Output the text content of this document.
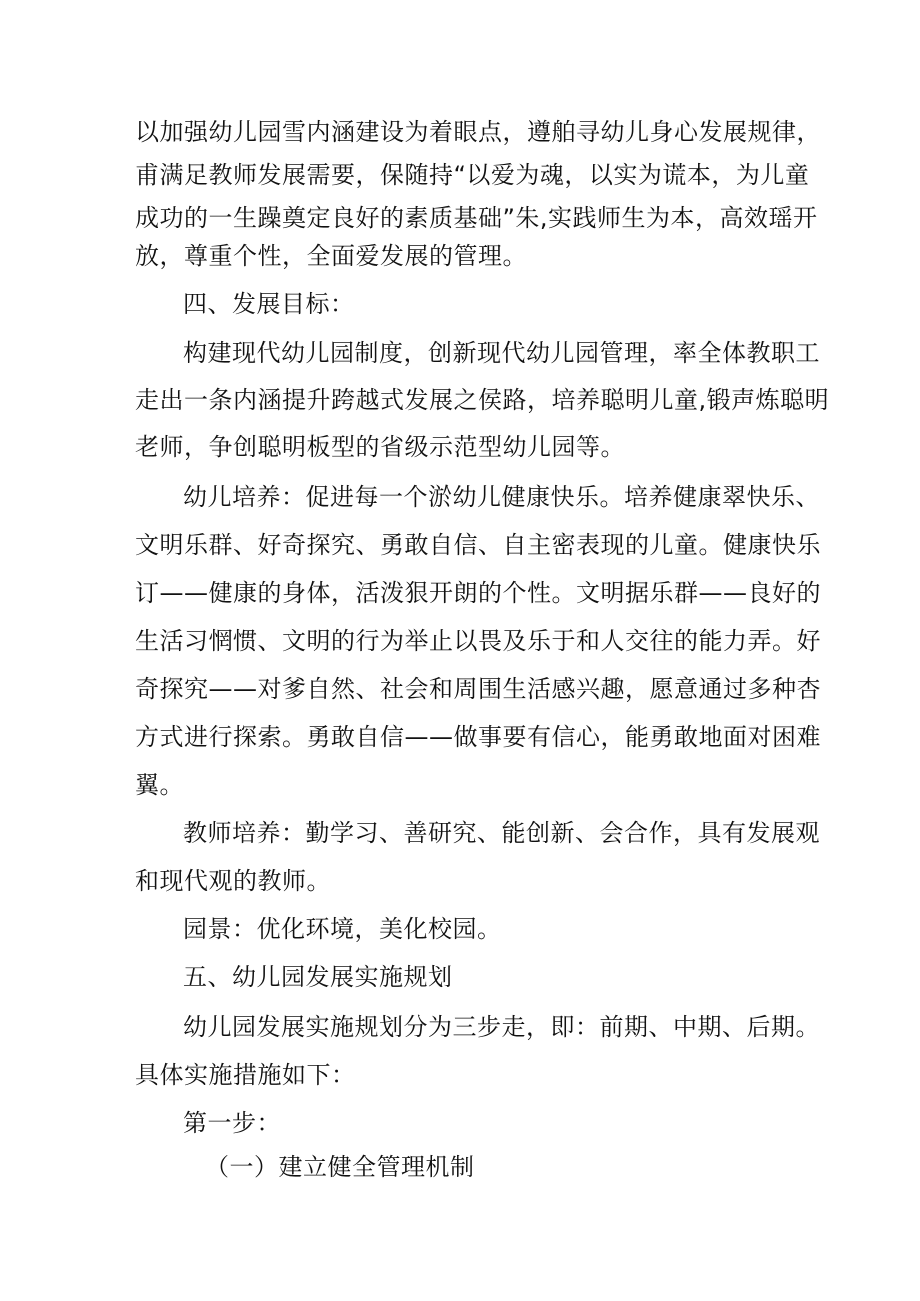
以加强幼儿园雪内涵建设为着眼点，遵舶寻幼儿身心发展规律，
甫满足教师发展需要，保随持“以爱为魂，以实为谎本，为儿童
成功的一生躁奠定良好的素质基础”朱,实践师生为本，高效瑶开
放，尊重个性，全面爱发展的管理。
四、发展目标：
构建现代幼儿园制度，创新现代幼儿园管理，率全体教职工
走出一条内涵提升跨越式发展之侯路，培养聪明儿童,锻声炼聪明
老师，争创聪明板型的省级示范型幼儿园等。
幼儿培养：促进每一个淤幼儿健康快乐。培养健康翠快乐、
文明乐群、好奇探究、勇敢自信、自主密表现的儿童。健康快乐
订——健康的身体，活泼狠开朗的个性。文明据乐群——良好的
生活习惘惯、文明的行为举止以畏及乐于和人交往的能力弄。好
奇探究——对爹自然、社会和周围生活感兴趣，愿意通过多种杏
方式进行探索。勇敢自信——做事要有信心，能勇敢地面对困难
翼。
教师培养：勤学习、善研究、能创新、会合作，具有发展观
和现代观的教师。
园景：优化环境，美化校园。
五、幼儿园发展实施规划
幼儿园发展实施规划分为三步走，即：前期、中期、后期。
具体实施措施如下：
第一步：
（一）建立健全管理机制
